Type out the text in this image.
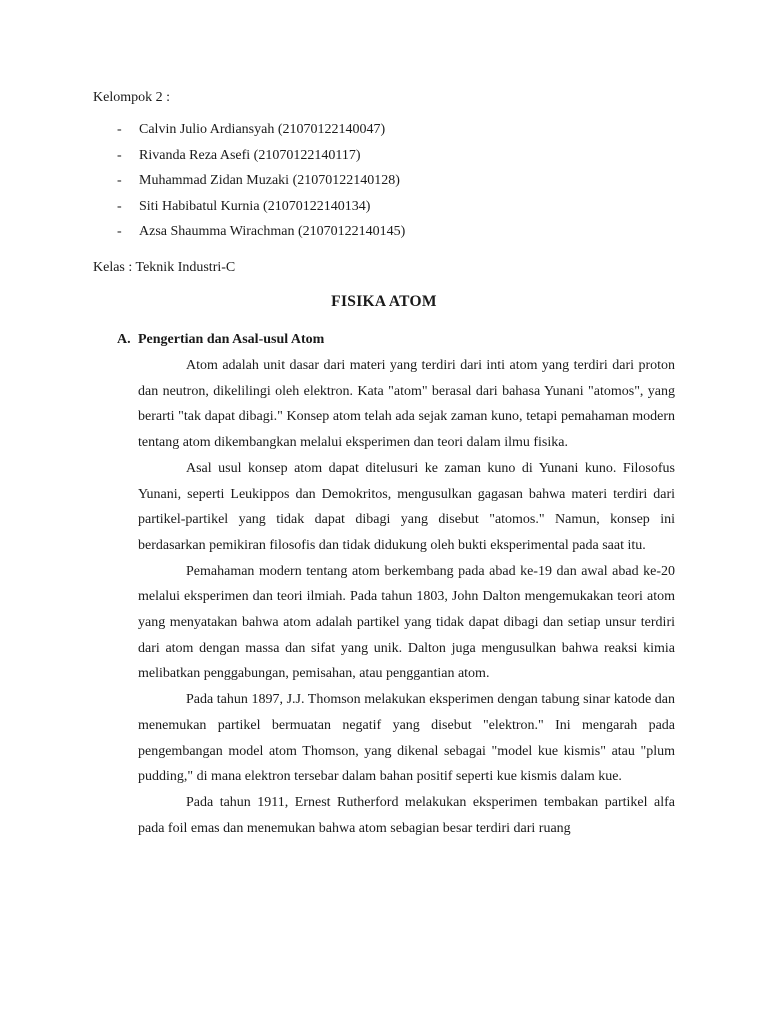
Kelompok 2 :
- Calvin Julio Ardiansyah (21070122140047)
- Rivanda Reza Asefi (21070122140117)
- Muhammad Zidan Muzaki (21070122140128)
- Siti Habibatul Kurnia (21070122140134)
- Azsa Shaumma Wirachman (21070122140145)
Kelas : Teknik Industri-C
FISIKA ATOM
A. Pengertian dan Asal-usul Atom

Atom adalah unit dasar dari materi yang terdiri dari inti atom yang terdiri dari proton dan neutron, dikelilingi oleh elektron. Kata "atom" berasal dari bahasa Yunani "atomos", yang berarti "tak dapat dibagi." Konsep atom telah ada sejak zaman kuno, tetapi pemahaman modern tentang atom dikembangkan melalui eksperimen dan teori dalam ilmu fisika.

Asal usul konsep atom dapat ditelusuri ke zaman kuno di Yunani kuno. Filosofus Yunani, seperti Leukippos dan Demokritos, mengusulkan gagasan bahwa materi terdiri dari partikel-partikel yang tidak dapat dibagi yang disebut "atomos." Namun, konsep ini berdasarkan pemikiran filosofis dan tidak didukung oleh bukti eksperimental pada saat itu.

Pemahaman modern tentang atom berkembang pada abad ke-19 dan awal abad ke-20 melalui eksperimen dan teori ilmiah. Pada tahun 1803, John Dalton mengemukakan teori atom yang menyatakan bahwa atom adalah partikel yang tidak dapat dibagi dan setiap unsur terdiri dari atom dengan massa dan sifat yang unik. Dalton juga mengusulkan bahwa reaksi kimia melibatkan penggabungan, pemisahan, atau penggantian atom.

Pada tahun 1897, J.J. Thomson melakukan eksperimen dengan tabung sinar katode dan menemukan partikel bermuatan negatif yang disebut "elektron." Ini mengarah pada pengembangan model atom Thomson, yang dikenal sebagai "model kue kismis" atau "plum pudding," di mana elektron tersebar dalam bahan positif seperti kue kismis dalam kue.

Pada tahun 1911, Ernest Rutherford melakukan eksperimen tembakan partikel alfa pada foil emas dan menemukan bahwa atom sebagian besar terdiri dari ruang
